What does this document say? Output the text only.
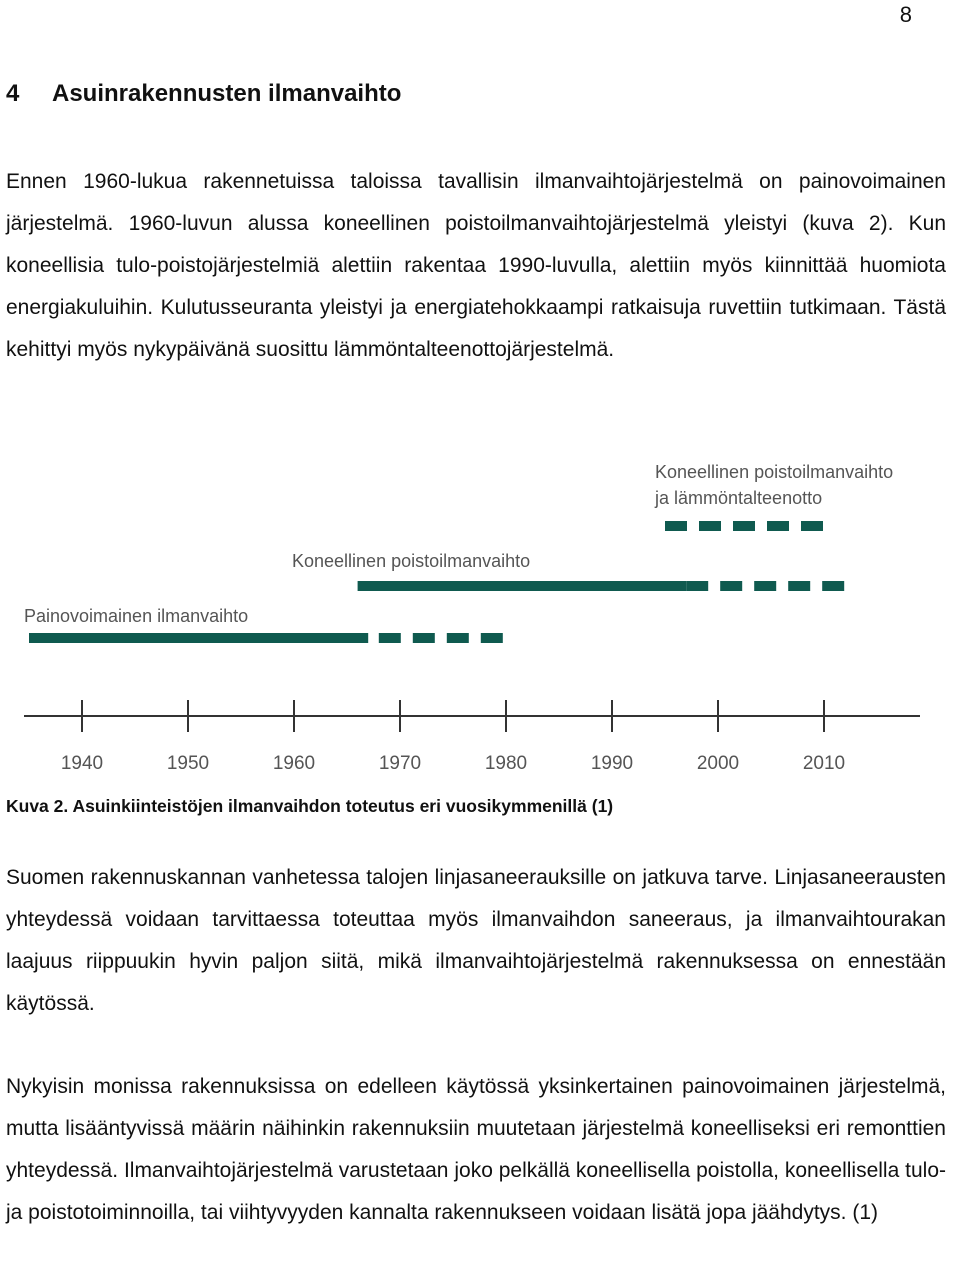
8
4 Asuinrakennusten ilmanvaihto

Ennen 1960-lukua rakennetuissa taloissa tavallisin ilmanvaihtojärjestelmä on painovoimainen järjestelmä. 1960-luvun alussa koneellinen poistoilmanvaihtojärjestelmä yleistyi (kuva 2). Kun koneellisia tulo-poistojärjestelmiä alettiin rakentaa 1990-luvulla, alettiin myös kiinnittää huomiota energiakuluihin. Kulutusseuranta yleistyi ja energiatehokkaampi ratkaisuja ruvettiin tutkimaan. Tästä kehittyi myös nykypäivänä suosittu lämmöntalteenottojärjestelmä.

1940	1950	1960	1970	1980	1990	2000	2010
Painovoimainen ilmanvaihto
Koneellinen poistoilmanvaihto
Koneellinen poistoilmanvaihto
ja lämmöntalteenotto

Kuva 2. Asuinkiinteistöjen ilmanvaihdon toteutus eri vuosikymmenillä (1)

Suomen rakennuskannan vanhetessa talojen linjasaneerauksille on jatkuva tarve. Linjasaneerausten yhteydessä voidaan tarvittaessa toteuttaa myös ilmanvaihdon saneeraus, ja ilmanvaihtourakan laajuus riippuukin hyvin paljon siitä, mikä ilmanvaihtojärjestelmä rakennuksessa on ennestään käytössä.

Nykyisin monissa rakennuksissa on edelleen käytössä yksinkertainen painovoimainen järjestelmä, mutta lisääntyvissä määrin näihinkin rakennuksiin muutetaan järjestelmä koneelliseksi eri remonttien yhteydessä. Ilmanvaihtojärjestelmä varustetaan joko pelkällä koneellisella poistolla, koneellisella tulo- ja poistotoiminnoilla, tai viihtyvyyden kannalta rakennukseen voidaan lisätä jopa jäähdytys. (1)
